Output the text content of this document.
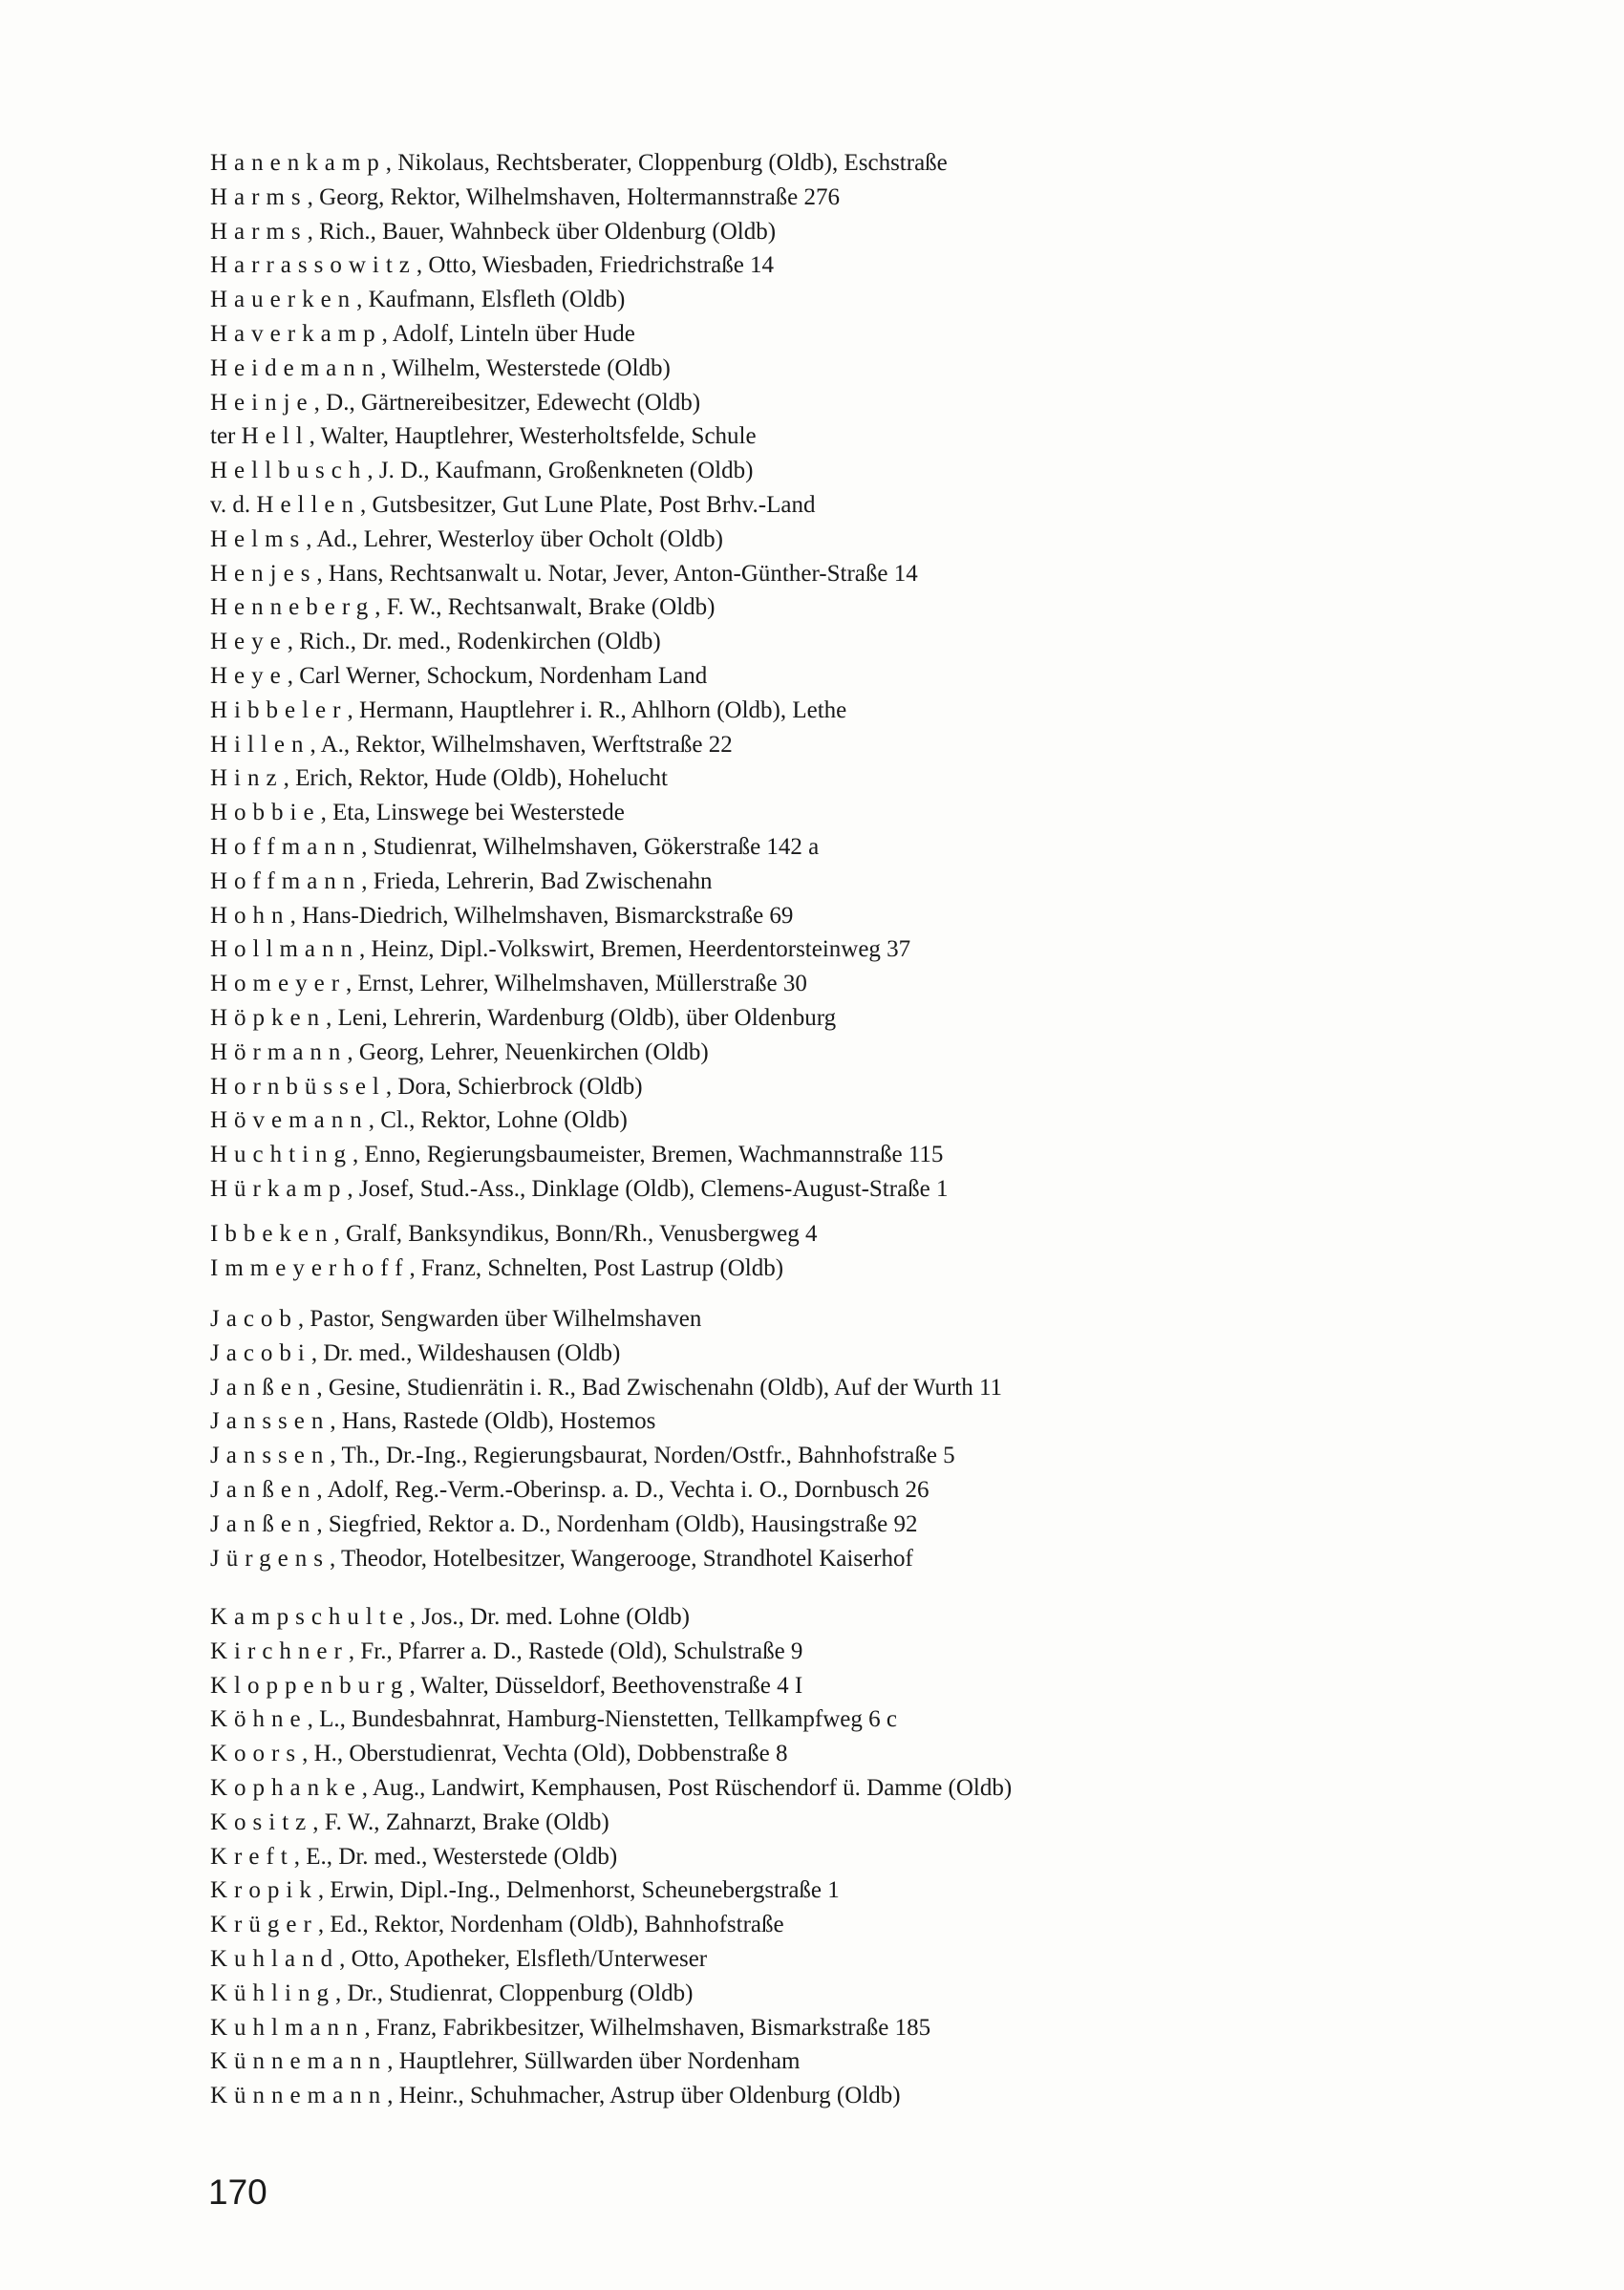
Hanenkamp, Nikolaus, Rechtsberater, Cloppenburg (Oldb), Eschstraße
Harms, Georg, Rektor, Wilhelmshaven, Holtermannstraße 276
Harms, Rich., Bauer, Wahnbeck über Oldenburg (Oldb)
Harrassowitz, Otto, Wiesbaden, Friedrichstraße 14
Hauerken, Kaufmann, Elsfleth (Oldb)
Haverkamp, Adolf, Linteln über Hude
Heidemann, Wilhelm, Westerstede (Oldb)
Heinje, D., Gärtnereibesitzer, Edewecht (Oldb)
ter Hell, Walter, Hauptlehrer, Westerholtsfelde, Schule
Hellbusch, J. D., Kaufmann, Großenkneten (Oldb)
v. d. Hellen, Gutsbesitzer, Gut Lune Plate, Post Brhv.-Land
Helms, Ad., Lehrer, Westerloy über Ocholt (Oldb)
Henjes, Hans, Rechtsanwalt u. Notar, Jever, Anton-Günther-Straße 14
Henneberg, F. W., Rechtsanwalt, Brake (Oldb)
Heye, Rich., Dr. med., Rodenkirchen (Oldb)
Heye, Carl Werner, Schockum, Nordenham Land
Hibbeler, Hermann, Hauptlehrer i. R., Ahlhorn (Oldb), Lethe
Hillen, A., Rektor, Wilhelmshaven, Werftstraße 22
Hinz, Erich, Rektor, Hude (Oldb), Hoheluc﻿ht
Hobbie, Eta, Linswege bei Westerstede
Hoffmann, Studienrat, Wilhelmshaven, Gökerstraße 142 a
Hoffmann, Frieda, Lehrerin, Bad Zwischenahn
Hohn, Hans-Diedrich, Wilhelmshaven, Bismarckstraße 69
Hollmann, Heinz, Dipl.-Volkswirt, Bremen, Heerdentorsteinweg 37
Homeyer, Ernst, Lehrer, Wilhelmshaven, Müllerstraße 30
Höpken, Leni, Lehrerin, Wardenburg (Oldb), über Oldenburg
Hörmann, Georg, Lehrer, Neuenkirchen (Oldb)
Hornbüssel, Dora, Schierbrock (Oldb)
Hövemann, Cl., Rektor, Lohne (Oldb)
Huchting, Enno, Regierungsbaumeister, Bremen, Wachmannstraße 115
Hürkamp, Josef, Stud.-Ass., Dinklage (Oldb), Clemens-August-Straße 1
Ibbeken, Gralf, Banksyndikus, Bonn/Rh., Venusbergweg 4
Immeyerhoff, Franz, Schnelten, Post Lastrup (Oldb)
Jacob, Pastor, Sengwarden über Wilhelmshaven
Jacobi, Dr. med., Wildeshausen (Oldb)
Janßen, Gesine, Studienrätin i. R., Bad Zwischenahn (Oldb), Auf der Wurth 11
Janssen, Hans, Rastede (Oldb), Hostemos
Janssen, Th., Dr.-Ing., Regierungsbaurat, Norden/Ostfr., Bahnhofstraße 5
Janßen, Adolf, Reg.-Verm.-Oberinsp. a. D., Vechta i. O., Dornbusch 26
Janßen, Siegfried, Rektor a. D., Nordenham (Oldb), Hausingstraße 92
Jürgens, Theodor, Hotelbesitzer, Wangerooge, Strandhotel Kaiserhof
Kampschulte, Jos., Dr. med. Lohne (Oldb)
Kirchner, Fr., Pfarrer a. D., Rastede (Old), Schulstraße 9
Kloppenburg, Walter, Düsseldorf, Beethovenstraße 4 I
Köhne, L., Bundesbahnrat, Hamburg-Nienstetten, Tellkampfweg 6 c
Koors, H., Oberstudienrat, Vechta (Old), Dobbenstraße 8
Kophanke, Aug., Landwirt, Kemphausen, Post Rüschendorf ü. Damme (Oldb)
Kositz, F. W., Zahnarzt, Brake (Oldb)
Kreft, E., Dr. med., Westerstede (Oldb)
Kropik, Erwin, Dipl.-Ing., Delmenhorst, Scheunebergstraße 1
Krüger, Ed., Rektor, Nordenham (Oldb), Bahnhofstraße
Kuhland, Otto, Apotheker, Elsfleth/Unterweser
Kühling, Dr., Studienrat, Cloppenburg (Oldb)
Kuhlmann, Franz, Fabrikbesitzer, Wilhelmshaven, Bismarkstraße 185
Künnemann, Hauptlehrer, Süllwarden über Nordenham
Künnemann, Heinr., Schuhmacher, Astrup über Oldenburg (Oldb)
170
